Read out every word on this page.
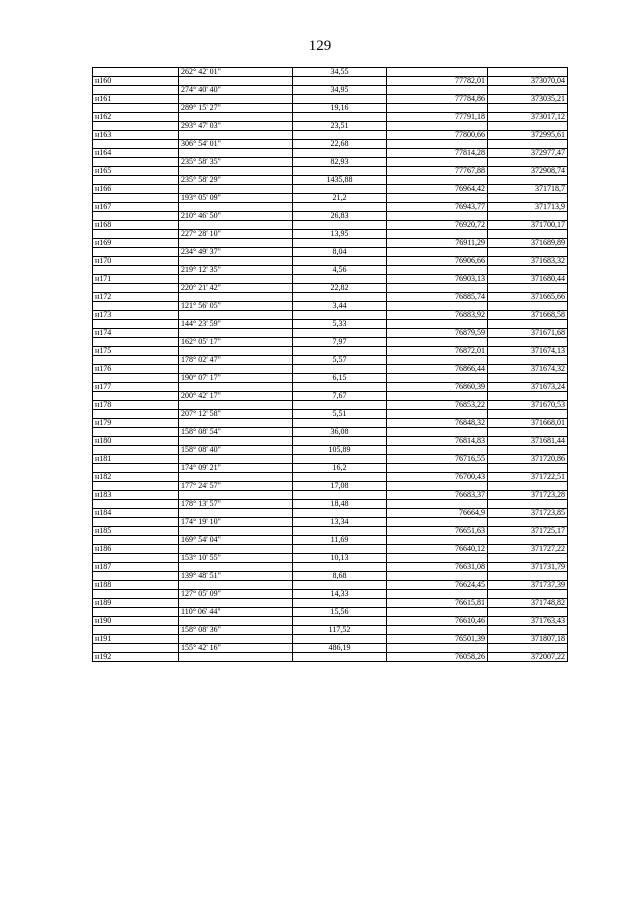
129
	262° 42' 01"	34,55		
н160			77782,01	373070,04
	274° 40' 40"	34,95		
н161			77784,86	373035,21
	289° 15' 27"	19,16		
н162			77791,18	373017,12
	293° 47' 03"	23,51		
н163			77800,66	372995,61
	306° 54' 01"	22,68		
н164			77814,28	372977,47
	235° 58' 35"	82,93		
н165			77767,88	372908,74
	235° 58' 29"	1435,88		
н166			76964,42	371718,7
	193° 05' 09"	21,2		
н167			76943,77	371713,9
	210° 46' 50"	26,83		
н168			76920,72	371700,17
	227° 28' 10"	13,95		
н169			76911,29	371689,89
	234° 49' 37"	8,04		
н170			76906,66	371683,32
	219° 12' 35"	4,56		
н171			76903,13	371680,44
	220° 21' 42"	22,82		
н172			76885,74	371665,66
	121° 56' 05"	3,44		
н173			76883,92	371668,58
	144° 23' 59"	5,33		
н174			76879,59	371671,68
	162° 05' 17"	7,97		
н175			76872,01	371674,13
	178° 02' 47"	5,57		
н176			76866,44	371674,32
	190° 07' 17"	6,15		
н177			76860,39	371673,24
	200° 42' 17"	7,67		
н178			76853,22	371670,53
	207° 12' 58"	5,51		
н179			76848,32	371668,01
	158° 08' 54"	36,08		
н180			76814,83	371681,44
	158° 08' 40"	105,89		
н181			76716,55	371720,86
	174° 09' 21"	16,2		
н182			76700,43	371722,51
	177° 24' 57"	17,08		
н183			76683,37	371723,28
	178° 13' 57"	18,48		
н184			76664,9	371723,85
	174° 19' 10"	13,34		
н185			76651,63	371725,17
	169° 54' 04"	11,69		
н186			76640,12	371727,22
	153° 10' 55"	10,13		
н187			76631,08	371731,79
	139° 48' 51"	8,68		
н188			76624,45	371737,39
	127° 05' 09"	14,33		
н189			76615,81	371748,82
	110° 06' 44"	15,56		
н190			76610,46	371763,43
	158° 08' 36"	117,52		
н191			76501,39	371807,18
	155° 42' 16"	486,19		
н192			76058,26	372007,22
